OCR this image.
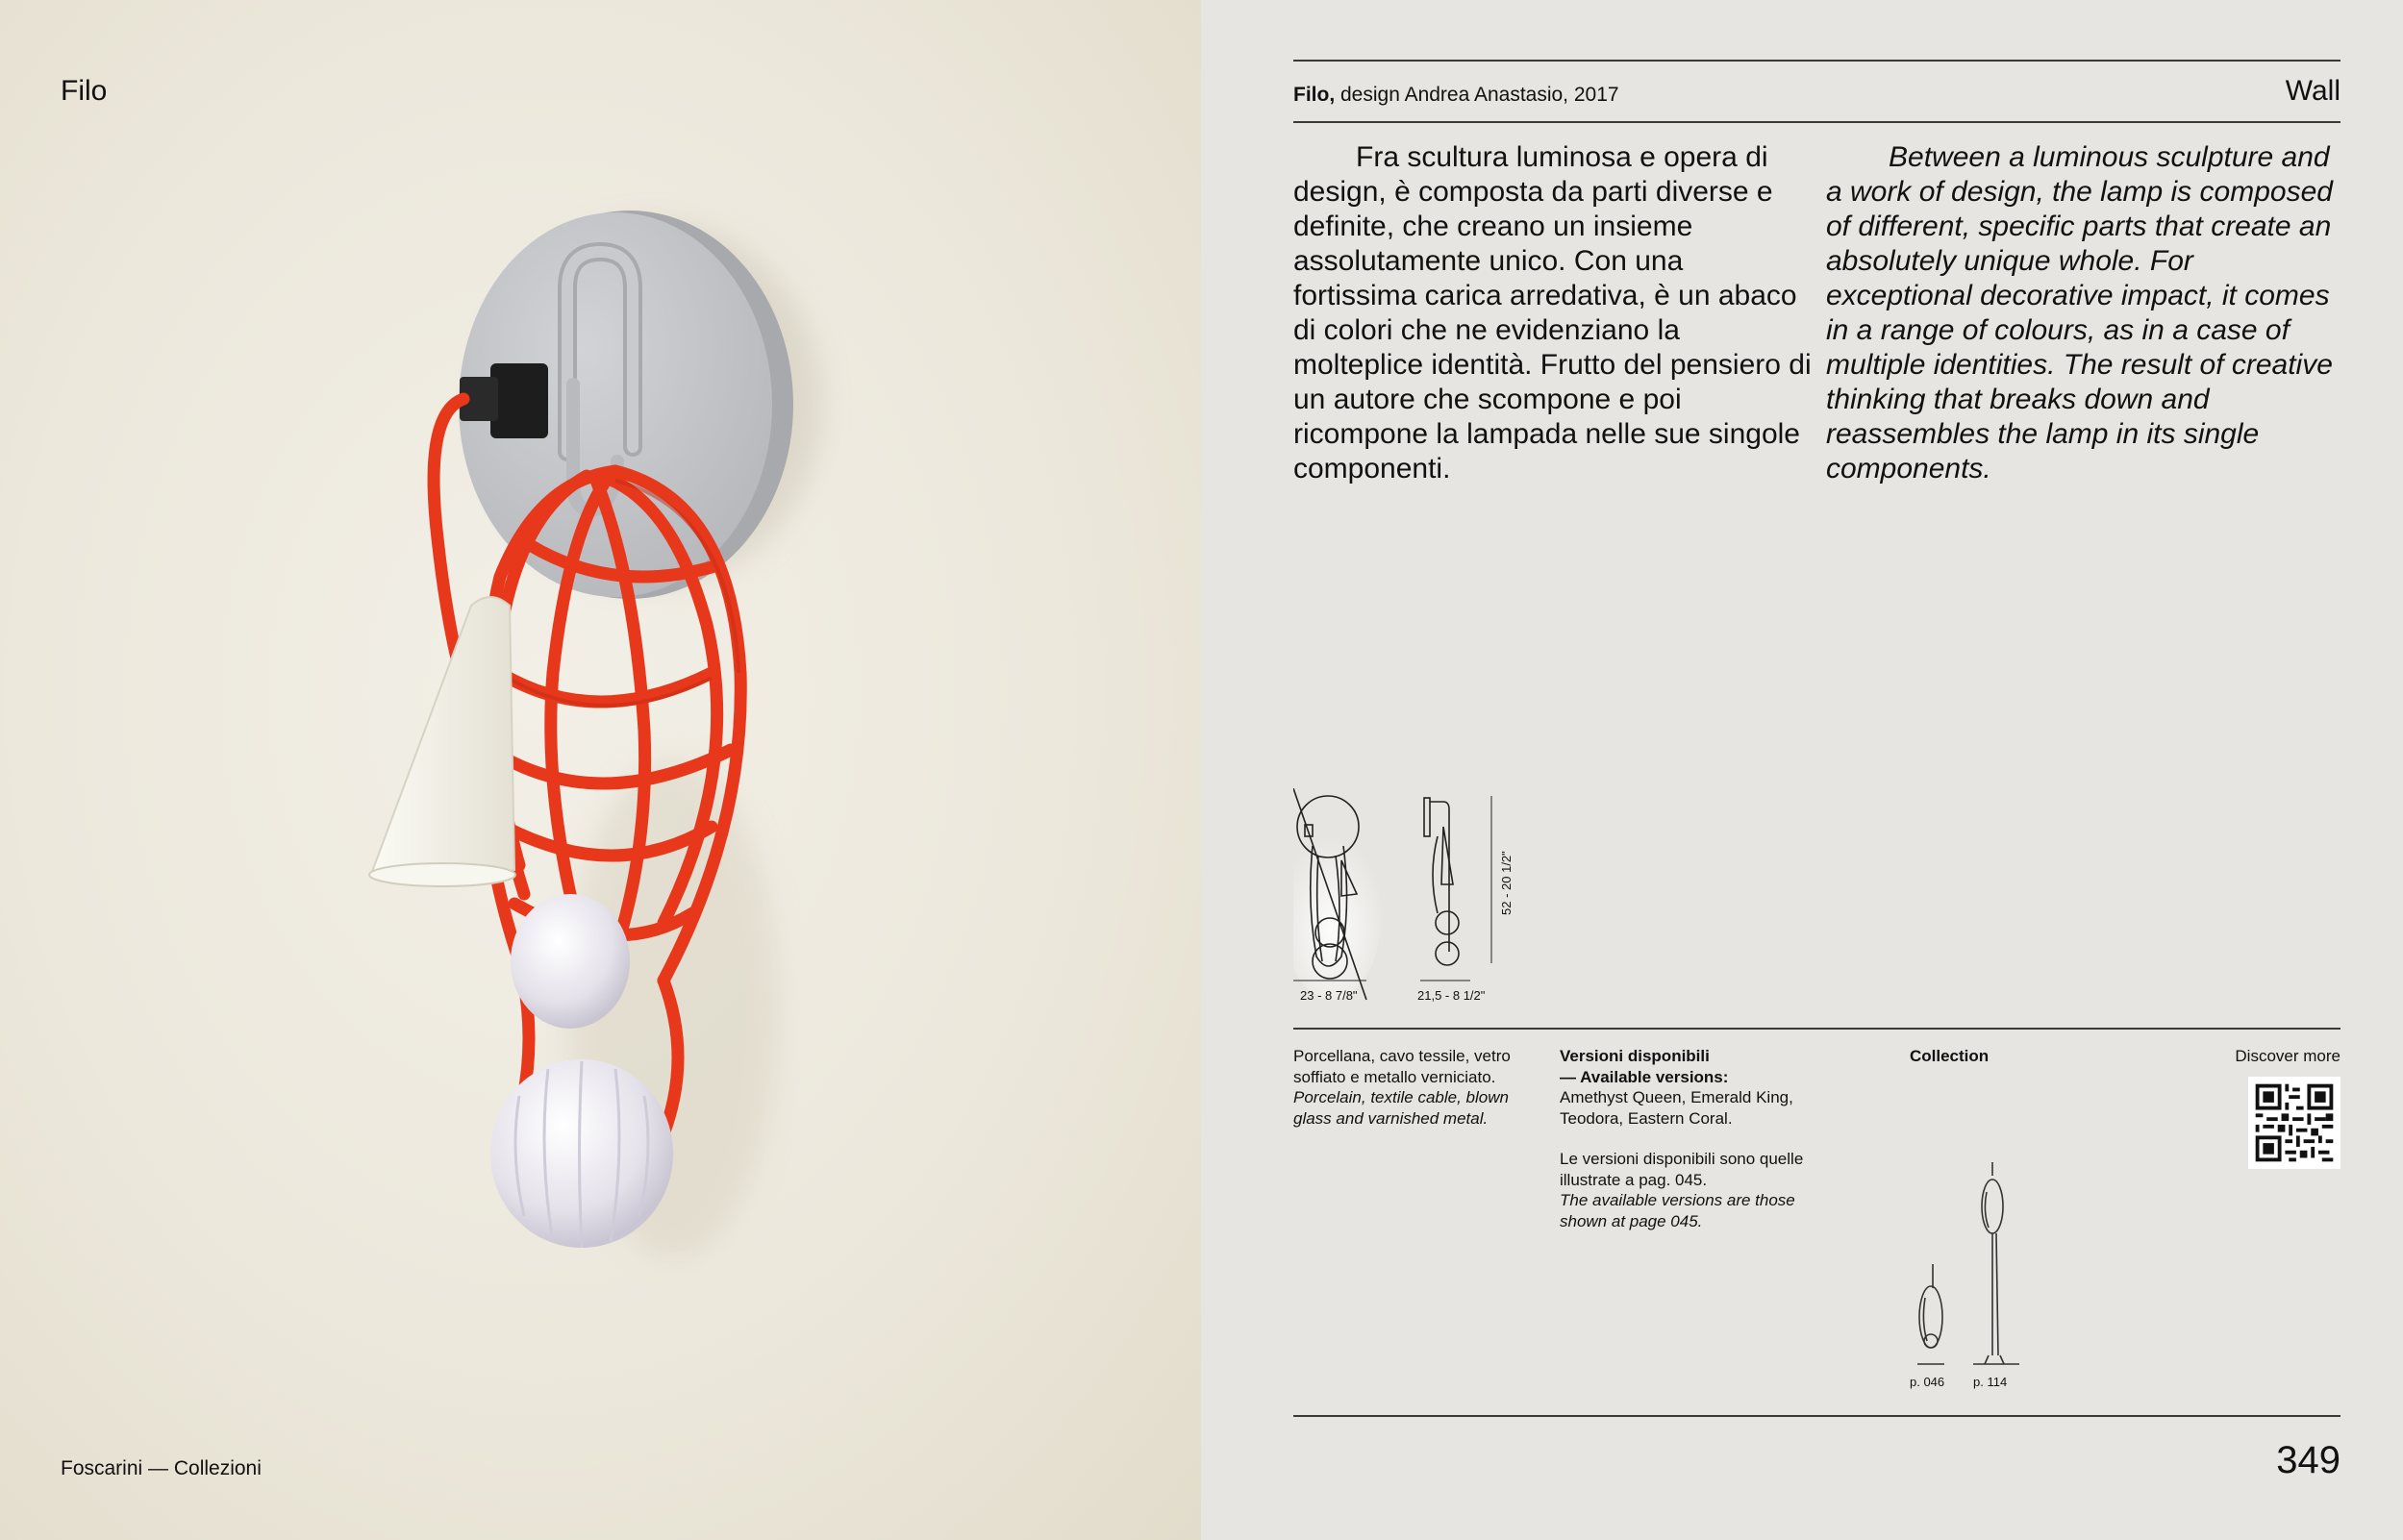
Filo
Foscarini — Collezioni
Filo, design Andrea Anastasio, 2017	Wall
Fra scultura luminosa e opera di design, è composta da parti diverse e definite, che creano un insieme assolutamente unico. Con una fortissima carica arredativa, è un abaco di colori che ne evidenziano la molteplice identità. Frutto del pensiero di un autore che scompone e poi ricompone la lampada nelle sue singole componenti.
Between a luminous sculpture and a work of design, the lamp is composed of different, specific parts that create an absolutely unique whole. For exceptional decorative impact, it comes in a range of colours, as in a case of multiple identities. The result of creative thinking that breaks down and reassembles the lamp in its single components.
23 - 8 7/8"	21,5 - 8 1/2"
52 - 20 1/2"
Porcellana, cavo tessile, vetro soffiato e metallo verniciato.
Porcelain, textile cable, blown glass and varnished metal.
Versioni disponibili
— Available versions:
Amethyst Queen, Emerald King, Teodora, Eastern Coral.
Le versioni disponibili sono quelle illustrate a pag. 045.
The available versions are those shown at page 045.
Collection
p. 046 p. 114
Discover more
349
